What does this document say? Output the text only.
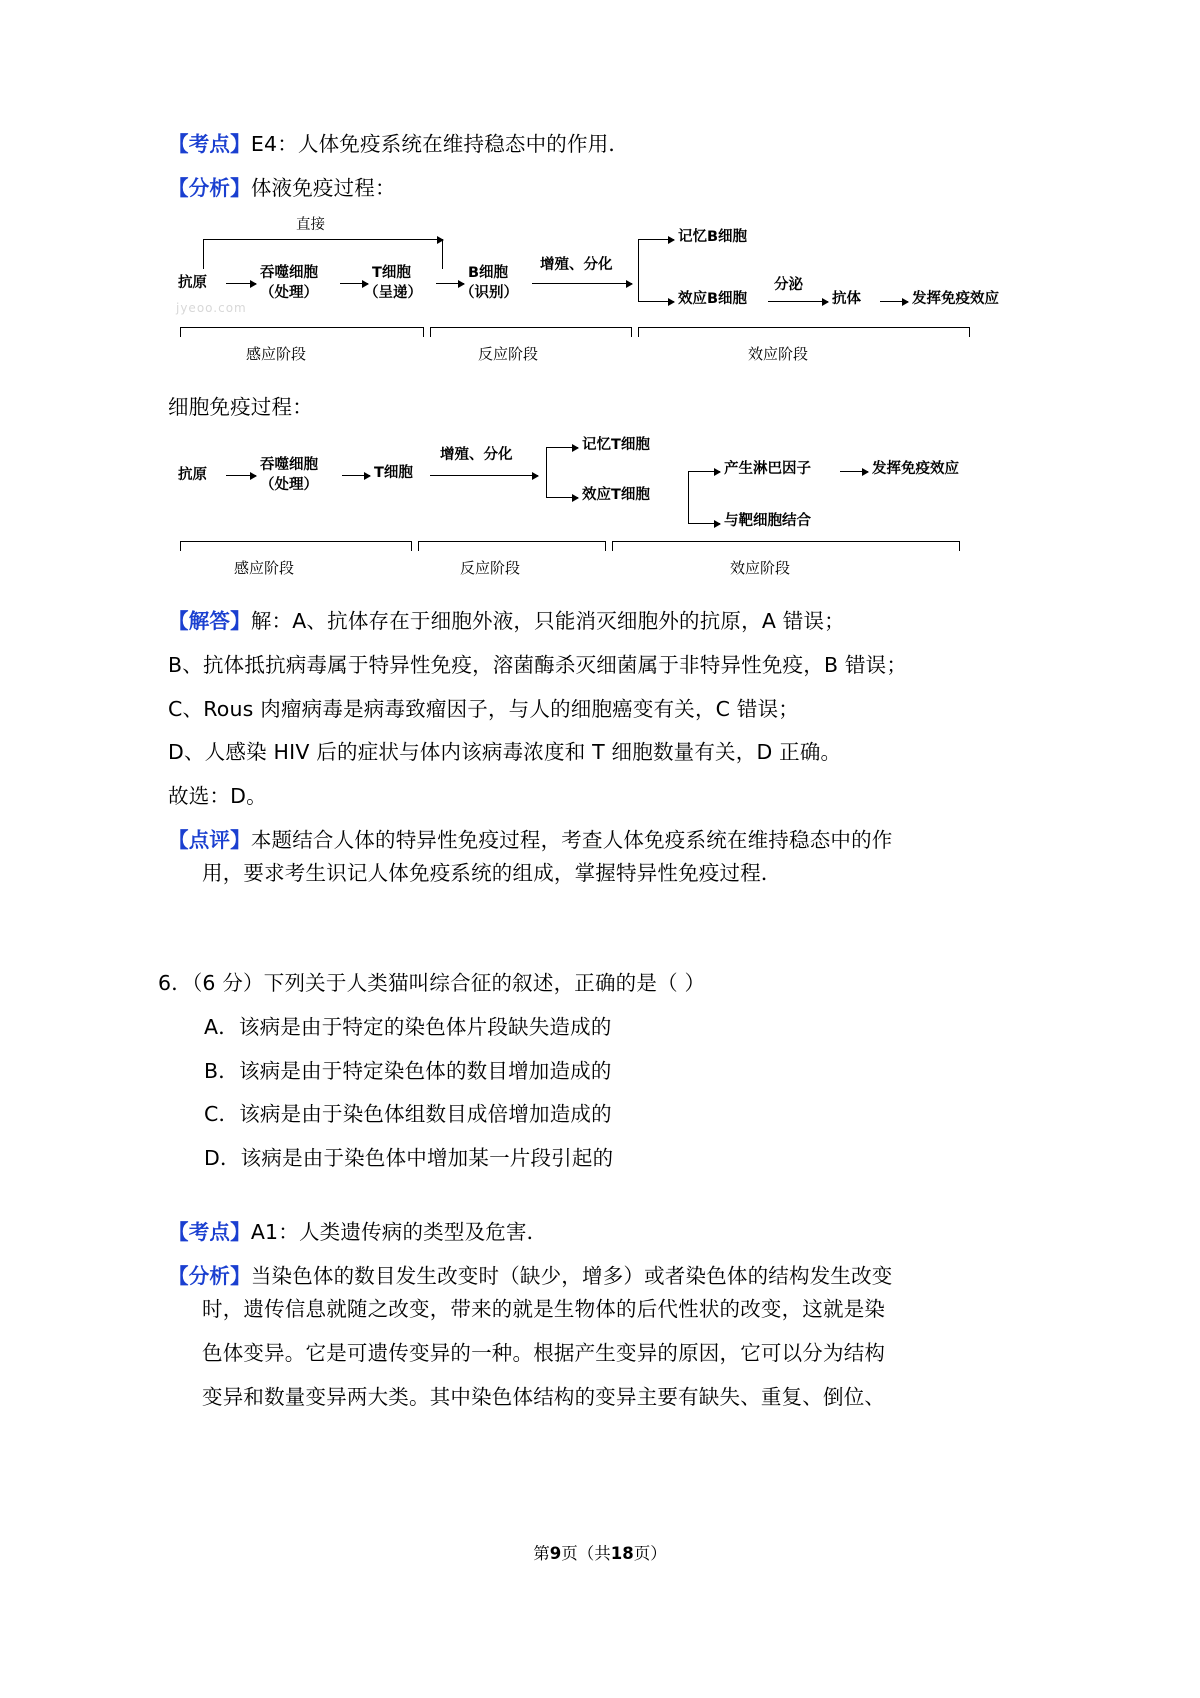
【考点】E4：人体免疫系统在维持稳态中的作用．
【分析】体液免疫过程：
jyeoo.com
直接
抗原
吞噬细胞
（处理）
T细胞
（呈递）
B细胞
（识别）
增殖、分化
记忆B细胞
效应B细胞
分泌
抗体	发挥免疫效应
感应阶段	反应阶段	效应阶段
细胞免疫过程：
抗原
吞噬细胞
（处理）
T细胞
增殖、分化
记忆T细胞
效应T细胞
产生淋巴因子
与靶细胞结合
发挥免疫效应
感应阶段	反应阶段	效应阶段
【解答】解：A、抗体存在于细胞外液，只能消灭细胞外的抗原，A 错误；
B、抗体抵抗病毒属于特异性免疫，溶菌酶杀灭细菌属于非特异性免疫，B 错误；
C、Rous 肉瘤病毒是病毒致瘤因子，与人的细胞癌变有关，C 错误；
D、人感染 HIV 后的症状与体内该病毒浓度和 T 细胞数量有关，D 正确。
故选：D。
【点评】本题结合人体的特异性免疫过程，考查人体免疫系统在维持稳态中的作
用，要求考生识记人体免疫系统的组成，掌握特异性免疫过程．
6．（6 分）下列关于人类猫叫综合征的叙述，正确的是（ ）
A．该病是由于特定的染色体片段缺失造成的
B．该病是由于特定染色体的数目增加造成的
C．该病是由于染色体组数目成倍增加造成的
D．该病是由于染色体中增加某一片段引起的
【考点】A1：人类遗传病的类型及危害．
【分析】当染色体的数目发生改变时（缺少，增多）或者染色体的结构发生改变
时，遗传信息就随之改变，带来的就是生物体的后代性状的改变，这就是染
色体变异。它是可遗传变异的一种。根据产生变异的原因，它可以分为结构
变异和数量变异两大类。其中染色体结构的变异主要有缺失、重复、倒位、
第9页（共18页）
